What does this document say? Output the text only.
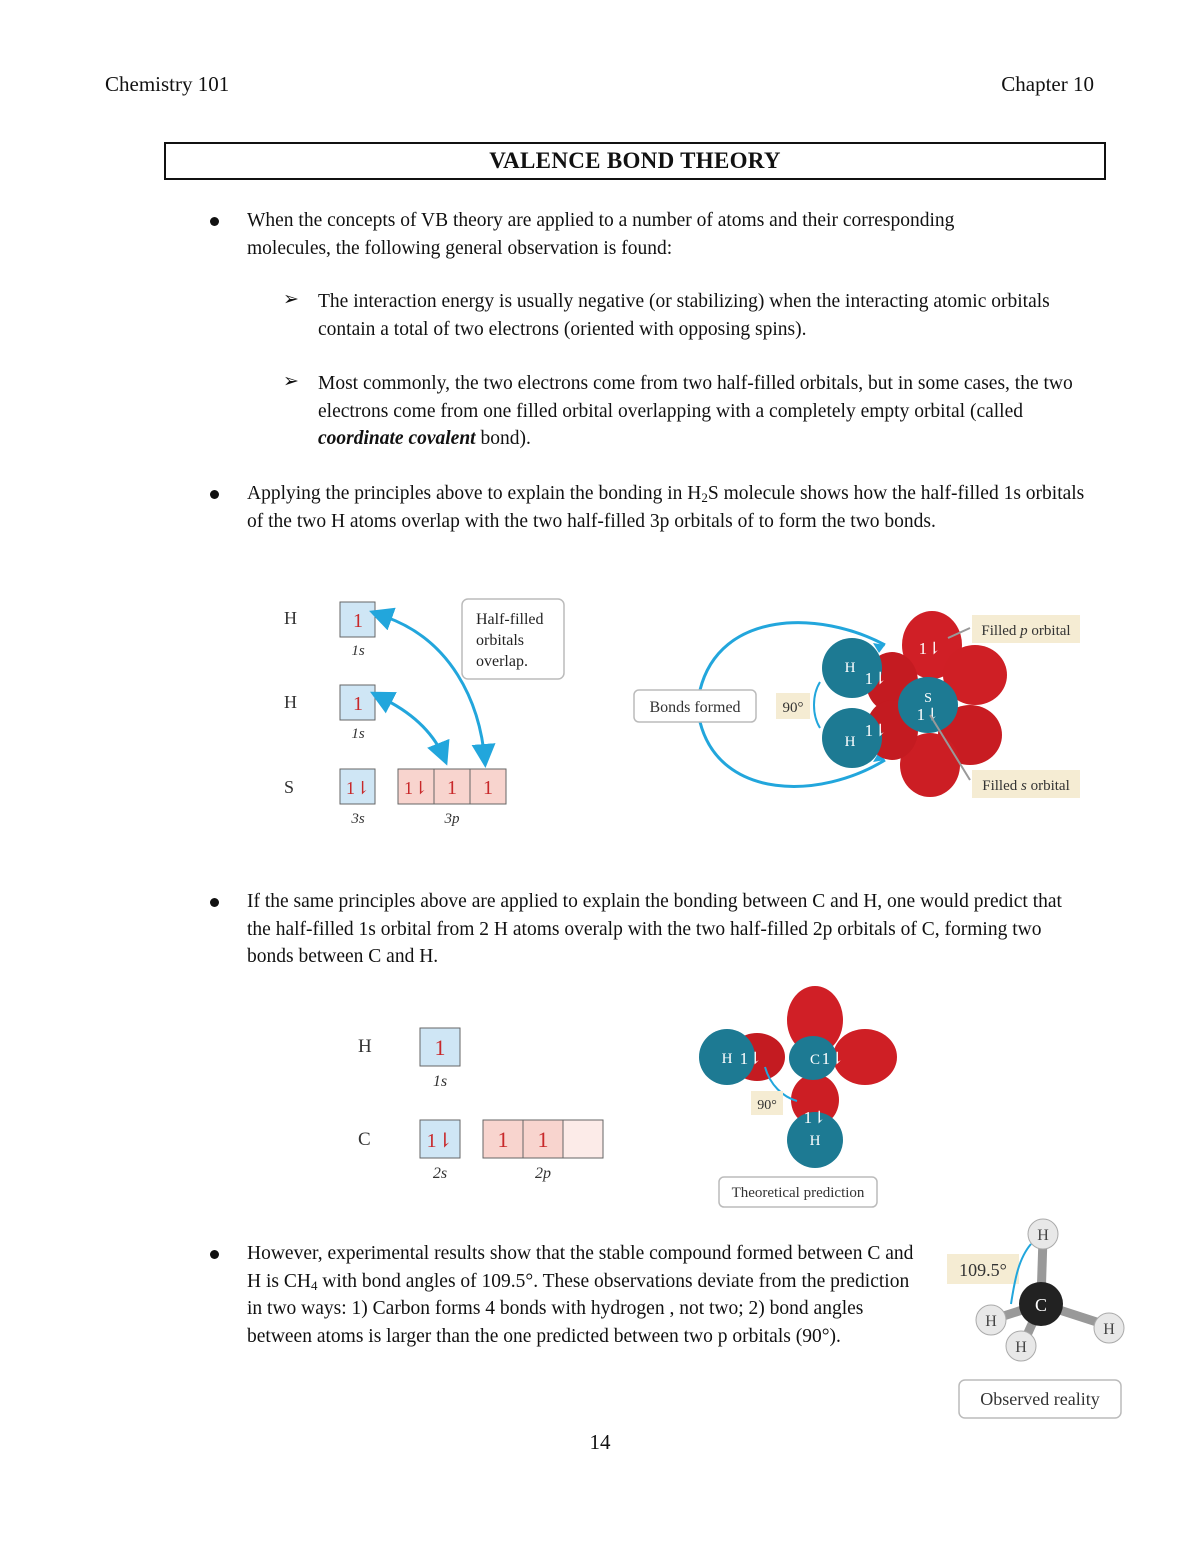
Chemistry 101	Chapter 10
VALENCE BOND THEORY
When the concepts of VB theory are applied to a number of atoms and their corresponding molecules, the following general observation is found:
➢ The interaction energy is usually negative (or stabilizing) when the interacting atomic orbitals contain a total of two electrons (oriented with opposing spins).
➢ Most commonly, the two electrons come from two half-filled orbitals, but in some cases, the two electrons come from one filled orbital overlapping with a completely empty orbital (called coordinate covalent bond).
Applying the principles above to explain the bonding in $H_2S$ molecule shows how the half-filled 1s orbitals of the two H atoms overlap with the two half-filled 3p orbitals of to form the two bonds.
H
H
S
1
1s
1
1s
1⇂
3s
1⇂ 1 1
3p
Half-filled
orbitals
overlap.	H
H
1⇂
1⇂
1⇂
S
1⇂
Bonds formed	90°
Filled p orbital
Filled s orbital
If the same principles above are applied to explain the bonding between C and H, one would predict that the half-filled 1s orbital from 2 H atoms overalp with the two half-filled 2p orbitals of C, forming two bonds between C and H.
H
C
1
1s
1⇂
2s
1 1
2p
H 1⇂	C 1⇂
1⇂
H
90°
Theoretical prediction
However, experimental results show that the stable compound formed between C and H is $CH_4$ with bond angles of 109.5°. These observations deviate from the prediction in two ways: 1) Carbon forms 4 bonds with hydrogen , not two; 2) bond angles between atoms is larger than the one predicted between two p orbitals (90°).
H
H	H
H
C
109.5°
Observed reality
14
